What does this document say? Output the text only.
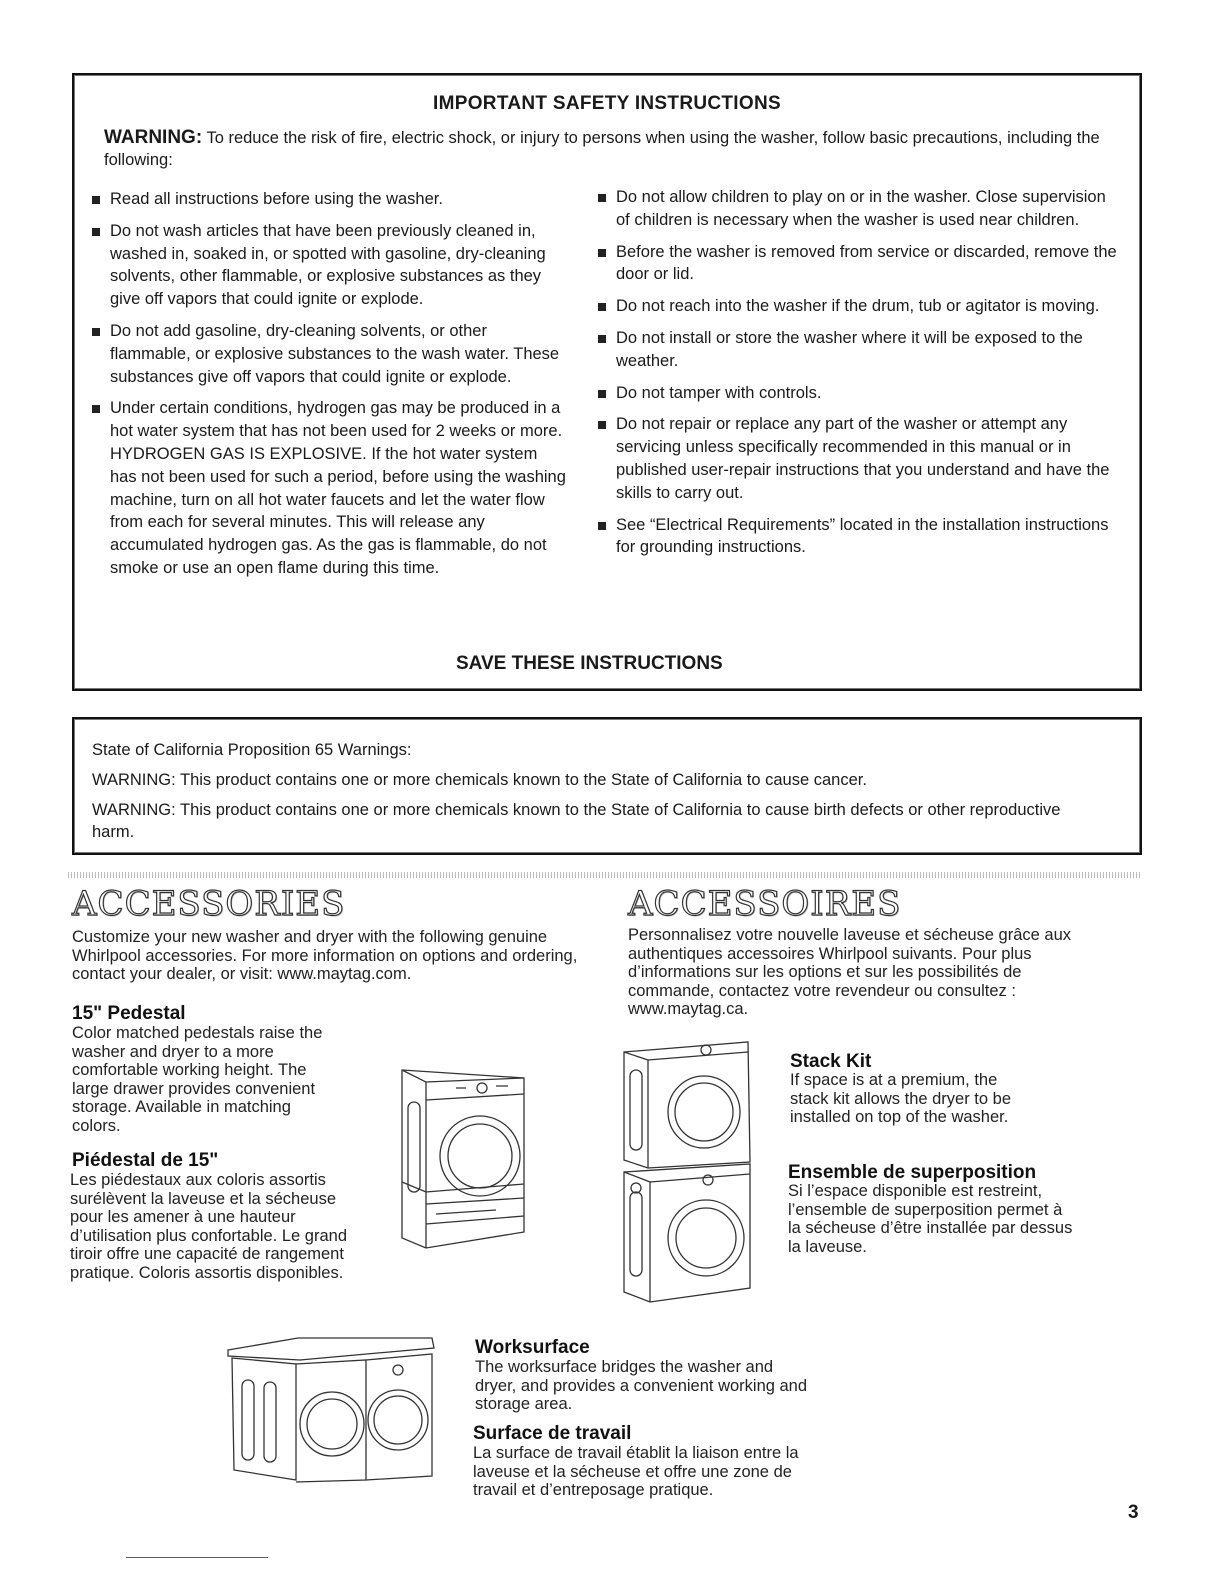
IMPORTANT SAFETY INSTRUCTIONS
WARNING: To reduce the risk of fire, electric shock, or injury to persons when using the washer, follow basic precautions, including the following:
Read all instructions before using the washer.
Do not wash articles that have been previously cleaned in, washed in, soaked in, or spotted with gasoline, dry-cleaning solvents, other flammable, or explosive substances as they give off vapors that could ignite or explode.
Do not add gasoline, dry-cleaning solvents, or other flammable, or explosive substances to the wash water. These substances give off vapors that could ignite or explode.
Under certain conditions, hydrogen gas may be produced in a hot water system that has not been used for 2 weeks or more. HYDROGEN GAS IS EXPLOSIVE. If the hot water system has not been used for such a period, before using the washing machine, turn on all hot water faucets and let the water flow from each for several minutes. This will release any accumulated hydrogen gas. As the gas is flammable, do not smoke or use an open flame during this time.
Do not allow children to play on or in the washer. Close supervision of children is necessary when the washer is used near children.
Before the washer is removed from service or discarded, remove the door or lid.
Do not reach into the washer if the drum, tub or agitator is moving.
Do not install or store the washer where it will be exposed to the weather.
Do not tamper with controls.
Do not repair or replace any part of the washer or attempt any servicing unless specifically recommended in this manual or in published user-repair instructions that you understand and have the skills to carry out.
See “Electrical Requirements” located in the installation instructions for grounding instructions.
SAVE THESE INSTRUCTIONS

State of California Proposition 65 Warnings:

WARNING: This product contains one or more chemicals known to the State of California to cause cancer.

WARNING: This product contains one or more chemicals known to the State of California to cause birth defects or other reproductive harm.

ACCESSORIES	ACCESSOIRES
Customize your new washer and dryer with the following genuine Whirlpool accessories. For more information on options and ordering, contact your dealer, or visit: www.maytag.com.
Personnalisez votre nouvelle laveuse et sécheuse grâce aux authentiques accessoires Whirlpool suivants. Pour plus d’informations sur les options et sur les possibilités de commande, contactez votre revendeur ou consultez : www.maytag.ca.
15" Pedestal
Color matched pedestals raise the washer and dryer to a more comfortable working height. The large drawer provides convenient storage. Available in matching colors.
Piédestal de 15"
Les piédestaux aux coloris assortis surélèvent la laveuse et la sécheuse pour les amener à une hauteur d’utilisation plus confortable. Le grand tiroir offre une capacité de rangement pratique. Coloris assortis disponibles.
Stack Kit
If space is at a premium, the stack kit allows the dryer to be installed on top of the washer.
Ensemble de superposition
Si l’espace disponible est restreint, l’ensemble de superposition permet à la sécheuse d’être installée par dessus la laveuse.
Worksurface
The worksurface bridges the washer and dryer, and provides a convenient working and storage area.
Surface de travail
La surface de travail établit la liaison entre la laveuse et la sécheuse et offre une zone de travail et d’entreposage pratique.
3
